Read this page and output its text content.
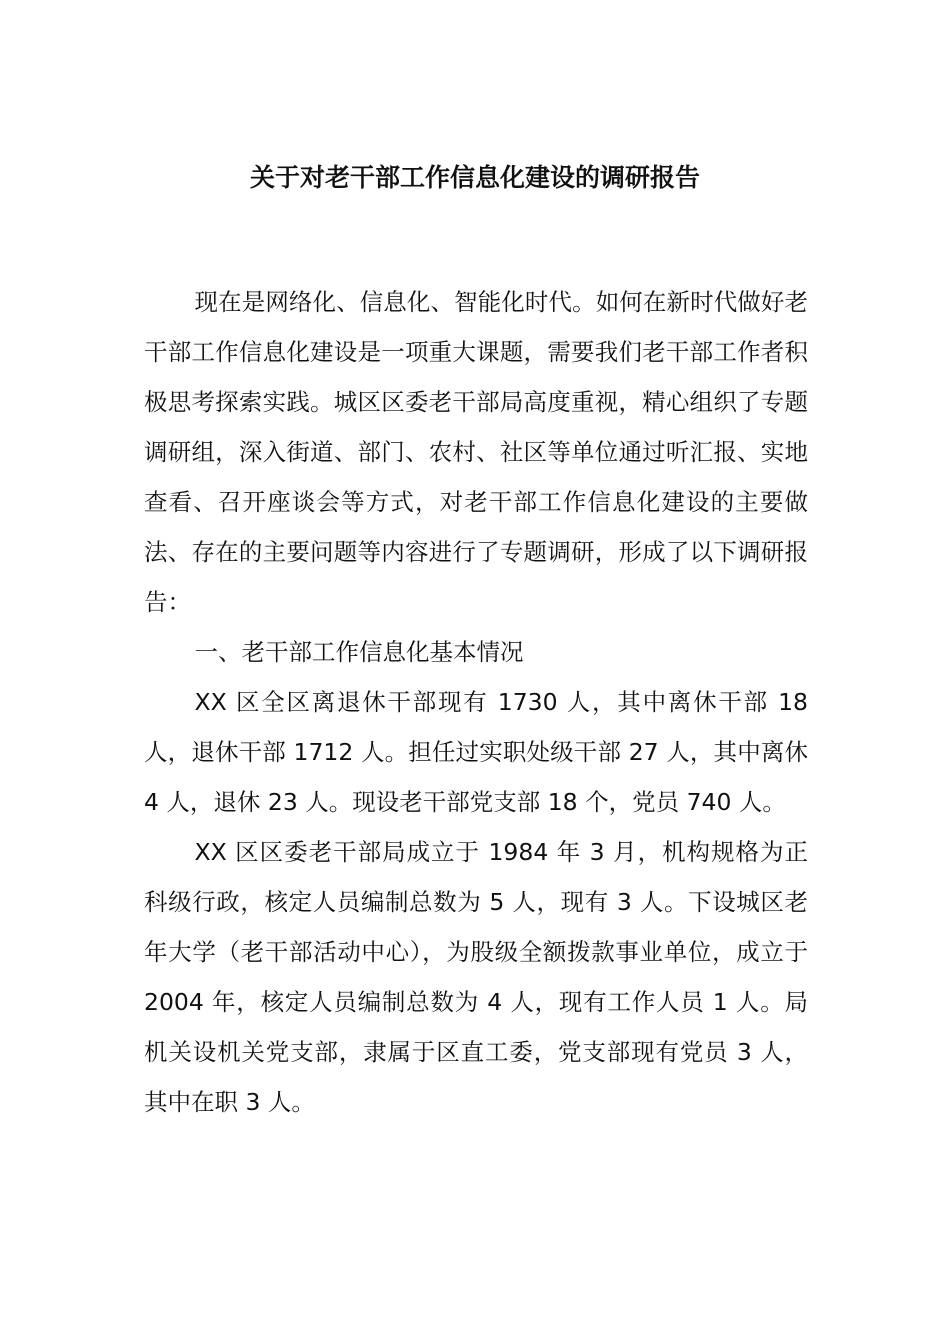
关于对老干部工作信息化建设的调研报告

现在是网络化、信息化、智能化时代。如何在新时代做好老干部工作信息化建设是一项重大课题，需要我们老干部工作者积极思考探索实践。城区区委老干部局高度重视，精心组织了专题调研组，深入街道、部门、农村、社区等单位通过听汇报、实地查看、召开座谈会等方式，对老干部工作信息化建设的主要做法、存在的主要问题等内容进行了专题调研，形成了以下调研报告：

一、老干部工作信息化基本情况

XX 区全区离退休干部现有 1730 人，其中离休干部 18 人，退休干部 1712 人。担任过实职处级干部 27 人，其中离休 4 人，退休 23 人。现设老干部党支部 18 个，党员 740 人。

XX 区区委老干部局成立于 1984 年 3 月，机构规格为正科级行政，核定人员编制总数为 5 人，现有 3 人。下设城区老年大学（老干部活动中心），为股级全额拨款事业单位，成立于 2004 年，核定人员编制总数为 4 人，现有工作人员 1 人。局机关设机关党支部，隶属于区直工委，党支部现有党员 3 人，其中在职 3 人。
